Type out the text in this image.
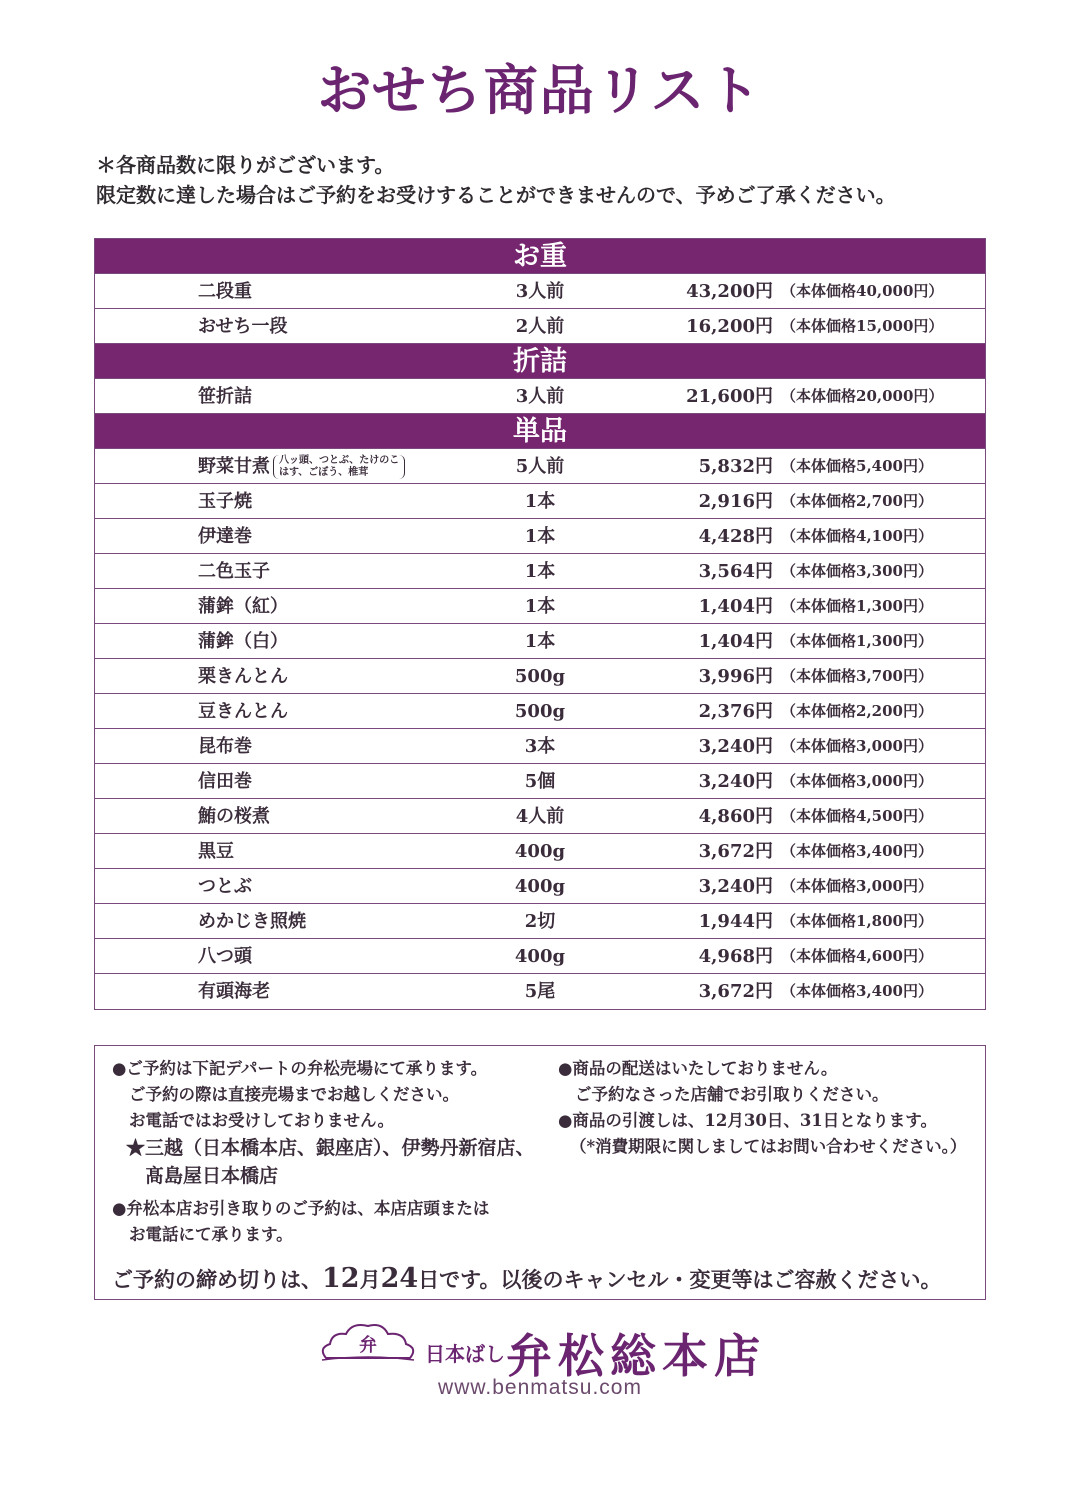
おせち商品リスト
＊各商品数に限りがございます。
限定数に達した場合はご予約をお受けすることができませんので、予めご了承ください。
お重
二段重	3人前	43,200円 （本体価格40,000円）
おせち一段	2人前	16,200円 （本体価格15,000円）
折詰
笹折詰	3人前	21,600円 （本体価格20,000円）
単品
野菜甘煮 八ッ頭、つとぶ、たけのこ
はす、ごぼう、椎茸	5人前	5,832円 （本体価格5,400円）
玉子焼	1本	2,916円 （本体価格2,700円）
伊達巻	1本	4,428円 （本体価格4,100円）
二色玉子	1本	3,564円 （本体価格3,300円）
蒲鉾（紅）	1本	1,404円 （本体価格1,300円）
蒲鉾（白）	1本	1,404円 （本体価格1,300円）
栗きんとん	500g	3,996円 （本体価格3,700円）
豆きんとん	500g	2,376円 （本体価格2,200円）
昆布巻	3本	3,240円 （本体価格3,000円）
信田巻	5個	3,240円 （本体価格3,000円）
鮪の桜煮	4人前	4,860円 （本体価格4,500円）
黒豆	400g	3,672円 （本体価格3,400円）
つとぶ	400g	3,240円 （本体価格3,000円）
めかじき照焼	2切	1,944円 （本体価格1,800円）
八つ頭	400g	4,968円 （本体価格4,600円）
有頭海老	5尾	3,672円 （本体価格3,400円）
●ご予約は下記デパートの弁松売場にて承ります。
ご予約の際は直接売場までお越しください。
お電話ではお受けしておりません。
★三越（日本橋本店、銀座店）、伊勢丹新宿店、
髙島屋日本橋店
●弁松本店お引き取りのご予約は、本店店頭または
お電話にて承ります。
●商品の配送はいたしておりません。
ご予約なさった店舗でお引取りください。
●商品の引渡しは、12月30日、31日となります。
（*消費期限に関しましてはお問い合わせください。）
ご予約の締め切りは、12月24日です。以後のキャンセル・変更等はご容赦ください。
弁 日本ばし 弁松総本店
www.benmatsu.com
